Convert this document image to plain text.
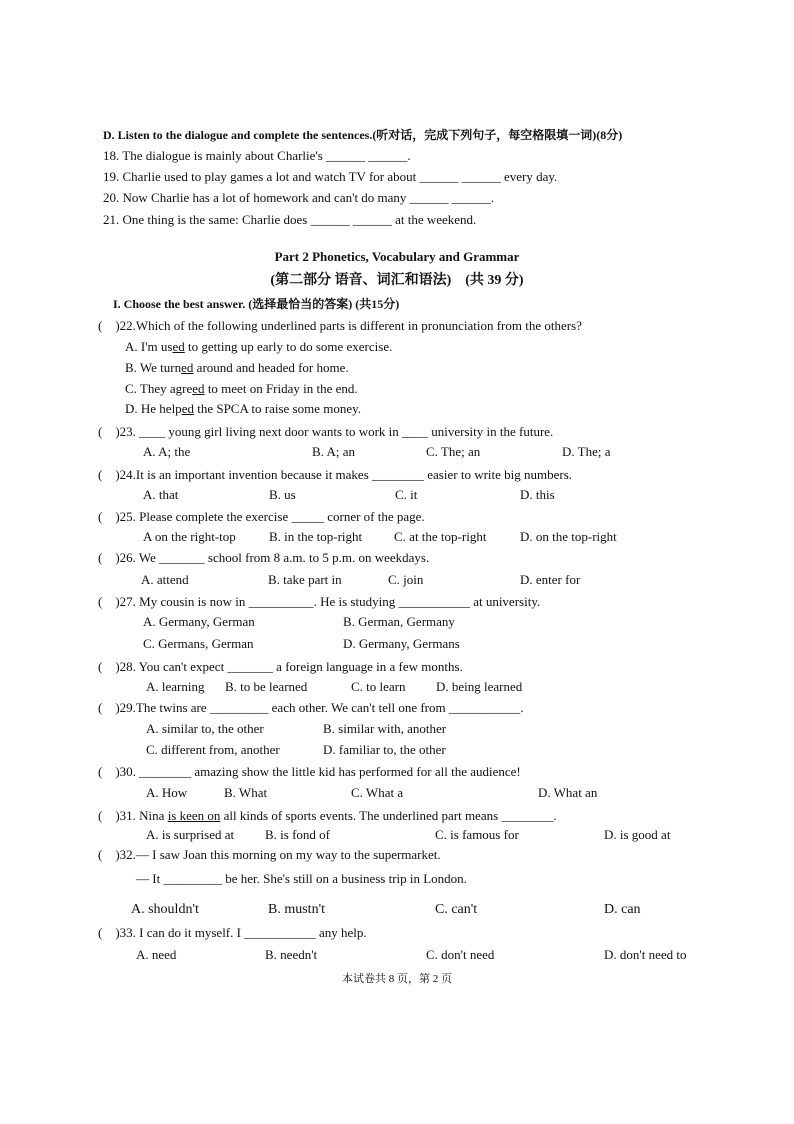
D. Listen to the dialogue and complete the sentences.(听对话，完成下列句子，每空格限填一词)(8分)
18. The dialogue is mainly about Charlie's ______ ______.
19. Charlie used to play games a lot and watch TV for about ______ ______ every day.
20. Now Charlie has a lot of homework and can't do many ______ ______.
21. One thing is the same: Charlie does ______ ______ at the weekend.
Part 2 Phonetics, Vocabulary and Grammar
(第二部分 语音、词汇和语法)　(共 39 分)
I. Choose the best answer. (选择最恰当的答案) (共15分)
(　)22.Which of the following underlined parts is different in pronunciation from the others?
A. I'm used to getting up early to do some exercise.
B. We turned around and headed for home.
C. They agreed to meet on Friday in the end.
D. He helped the SPCA to raise some money.
(　)23. ____ young girl living next door wants to work in ____ university in the future.
A. A; the	B. A; an	C. The; an	D. The; a
(　)24.It is an important invention because it makes ________ easier to write big numbers.
A. that	B. us	C. it	D. this
(　)25. Please complete the exercise _____ corner of the page.
A on the right-top	B. in the top-right C. at the top-right	D. on the top-right
(　)26. We _______ school from 8 a.m. to 5 p.m. on weekdays.
A. attend	B. take part in	C. join	D. enter for
(　)27. My cousin is now in __________. He is studying ___________ at university.
A. Germany, German	B. German, Germany
C. Germans, German	D. Germany, Germans
(　)28. You can't expect _______ a foreign language in a few months.
A. learning B. to be learned	C. to learn D. being learned
(　)29.The twins are _________ each other. We can't tell one from ___________.
A. similar to, the other	B. similar with, another
C. different from, another	D. familiar to, the other
(　)30. ________ amazing show the little kid has performed for all the audience!
A. How	B. What	C. What a	D. What an
(　)31. Nina is keen on all kinds of sports events. The underlined part means ________.
A. is surprised at B. is fond of	C. is famous for	D. is good at
(　)32.— I saw Joan this morning on my way to the supermarket.
— It _________ be her. She's still on a business trip in London.
A. shouldn't	B. mustn't	C. can't	D. can
(　)33. I can do it myself. I ___________ any help.
A. need	B. needn't	C. don't need	D. don't need to
本试卷共 8 页，第 2 页
